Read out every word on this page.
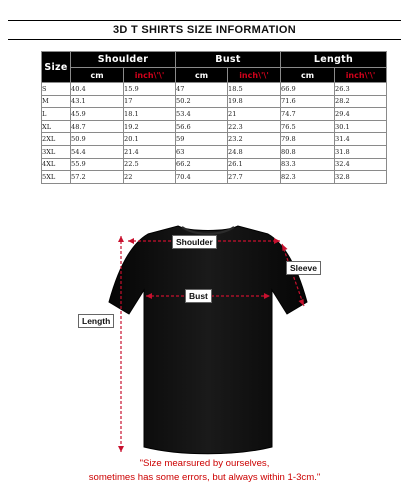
3D T SHIRTS SIZE INFORMATION
Size	Shoulder		Bust		Length	
	cm	inch\'\'	cm	inch\'\'	cm	inch\'\'
S	40.4	15.9	47	18.5	66.9	26.3
M	43.1	17	50.2	19.8	71.6	28.2
L	45.9	18.1	53.4	21	74.7	29.4
XL	48.7	19.2	56.6	22.3	76.5	30.1
2XL	50.9	20.1	59	23.2	79.8	31.4
3XL	54.4	21.4	63	24.8	80.8	31.8
4XL	55.9	22.5	66.2	26.1	83.3	32.4
5XL	57.2	22	70.4	27.7	82.3	32.8
Shoulder
Bust
Sleeve
Length
"Size mearsured by ourselves,
sometimes has some errors, but always within 1-3cm."
